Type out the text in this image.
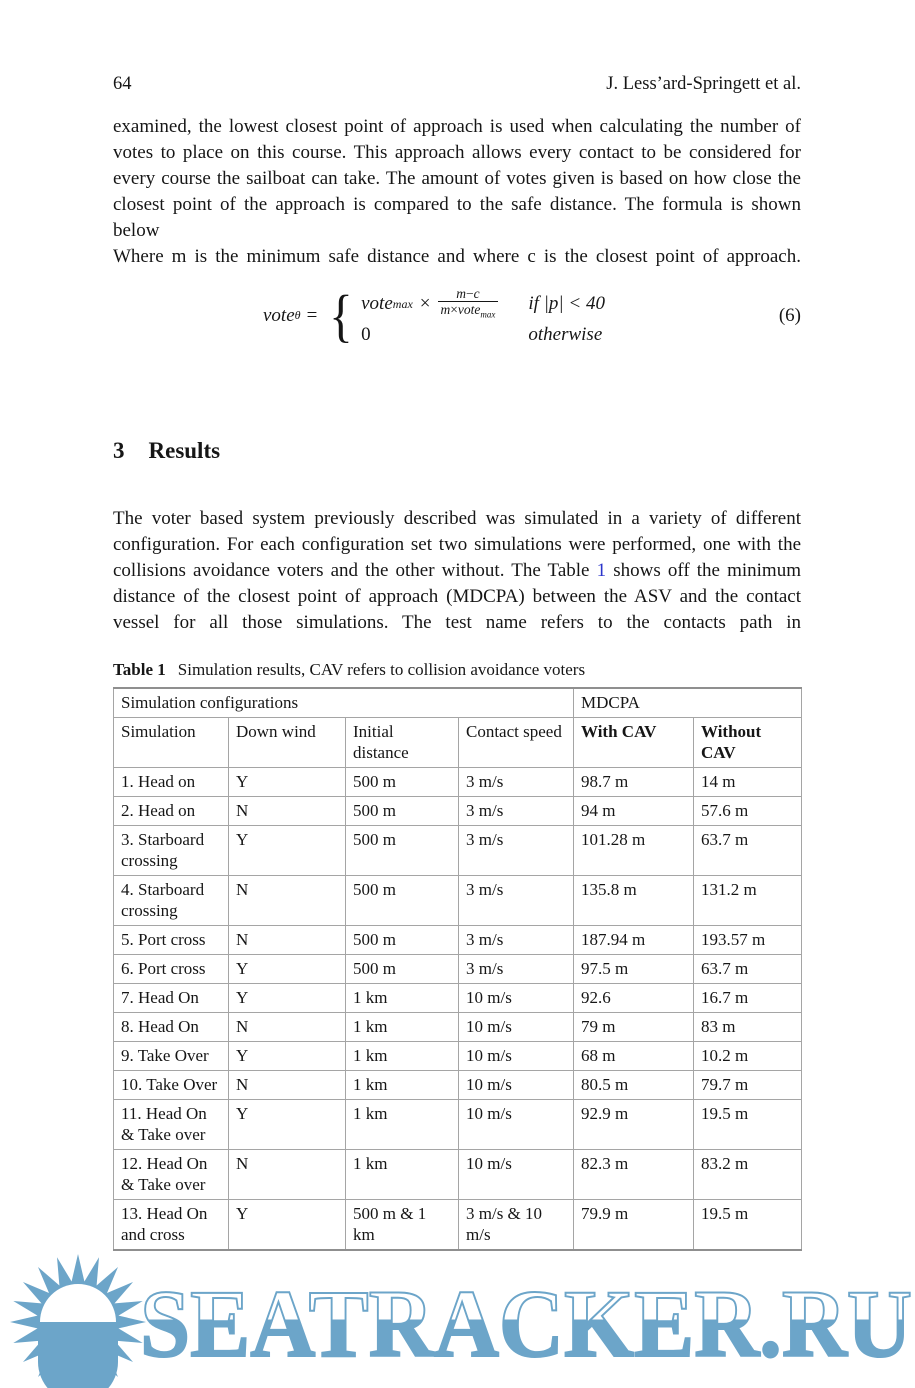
64	J. Less’ard-Springett et al.

examined, the lowest closest point of approach is used when calculating the number of votes to place on this course. This approach allows every contact to be considered for every course the sailboat can take. The amount of votes given is based on how close the closest point of the approach is compared to the safe distance. The formula is shown below

Where m is the minimum safe distance and where c is the closest point of approach.

vote θ = { vote $\max \times \frac{m-c}{m\times vote_{max}}$ if |p| < 40
0	otherwise
(6)
3 Results

The voter based system previously described was simulated in a variety of different configuration. For each configuration set two simulations were performed, one with the collisions avoidance voters and the other without. The Table 1 shows off the minimum distance of the closest point of approach (MDCPA) between the ASV and the contact vessel for all those simulations. The test name refers to the contacts path in

Table 1 Simulation results, CAV refers to collision avoidance voters
Simulation configurations				MDCPA	
Simulation	Down wind	Initial distance	Contact speed	With CAV	Without CAV
1. Head on	Y	500 m	3 m/s	98.7 m	14 m
2. Head on	N	500 m	3 m/s	94 m	57.6 m
3. Starboard crossing	Y	500 m	3 m/s	101.28 m	63.7 m
4. Starboard crossing	N	500 m	3 m/s	135.8 m	131.2 m
5. Port cross	N	500 m	3 m/s	187.94 m	193.57 m
6. Port cross	Y	500 m	3 m/s	97.5 m	63.7 m
7. Head On	Y	1 km	10 m/s	92.6	16.7 m
8. Head On	N	1 km	10 m/s	79 m	83 m
9. Take Over	Y	1 km	10 m/s	68 m	10.2 m
10. Take Over	N	1 km	10 m/s	80.5 m	79.7 m
11. Head On & Take over	Y	1 km	10 m/s	92.9 m	19.5 m
12. Head On & Take over	N	1 km	10 m/s	82.3 m	83.2 m
13. Head On and cross	Y	500 m & 1 km	3 m/s & 10 m/s	79.9 m	19.5 m
SEATRACKER.RU
